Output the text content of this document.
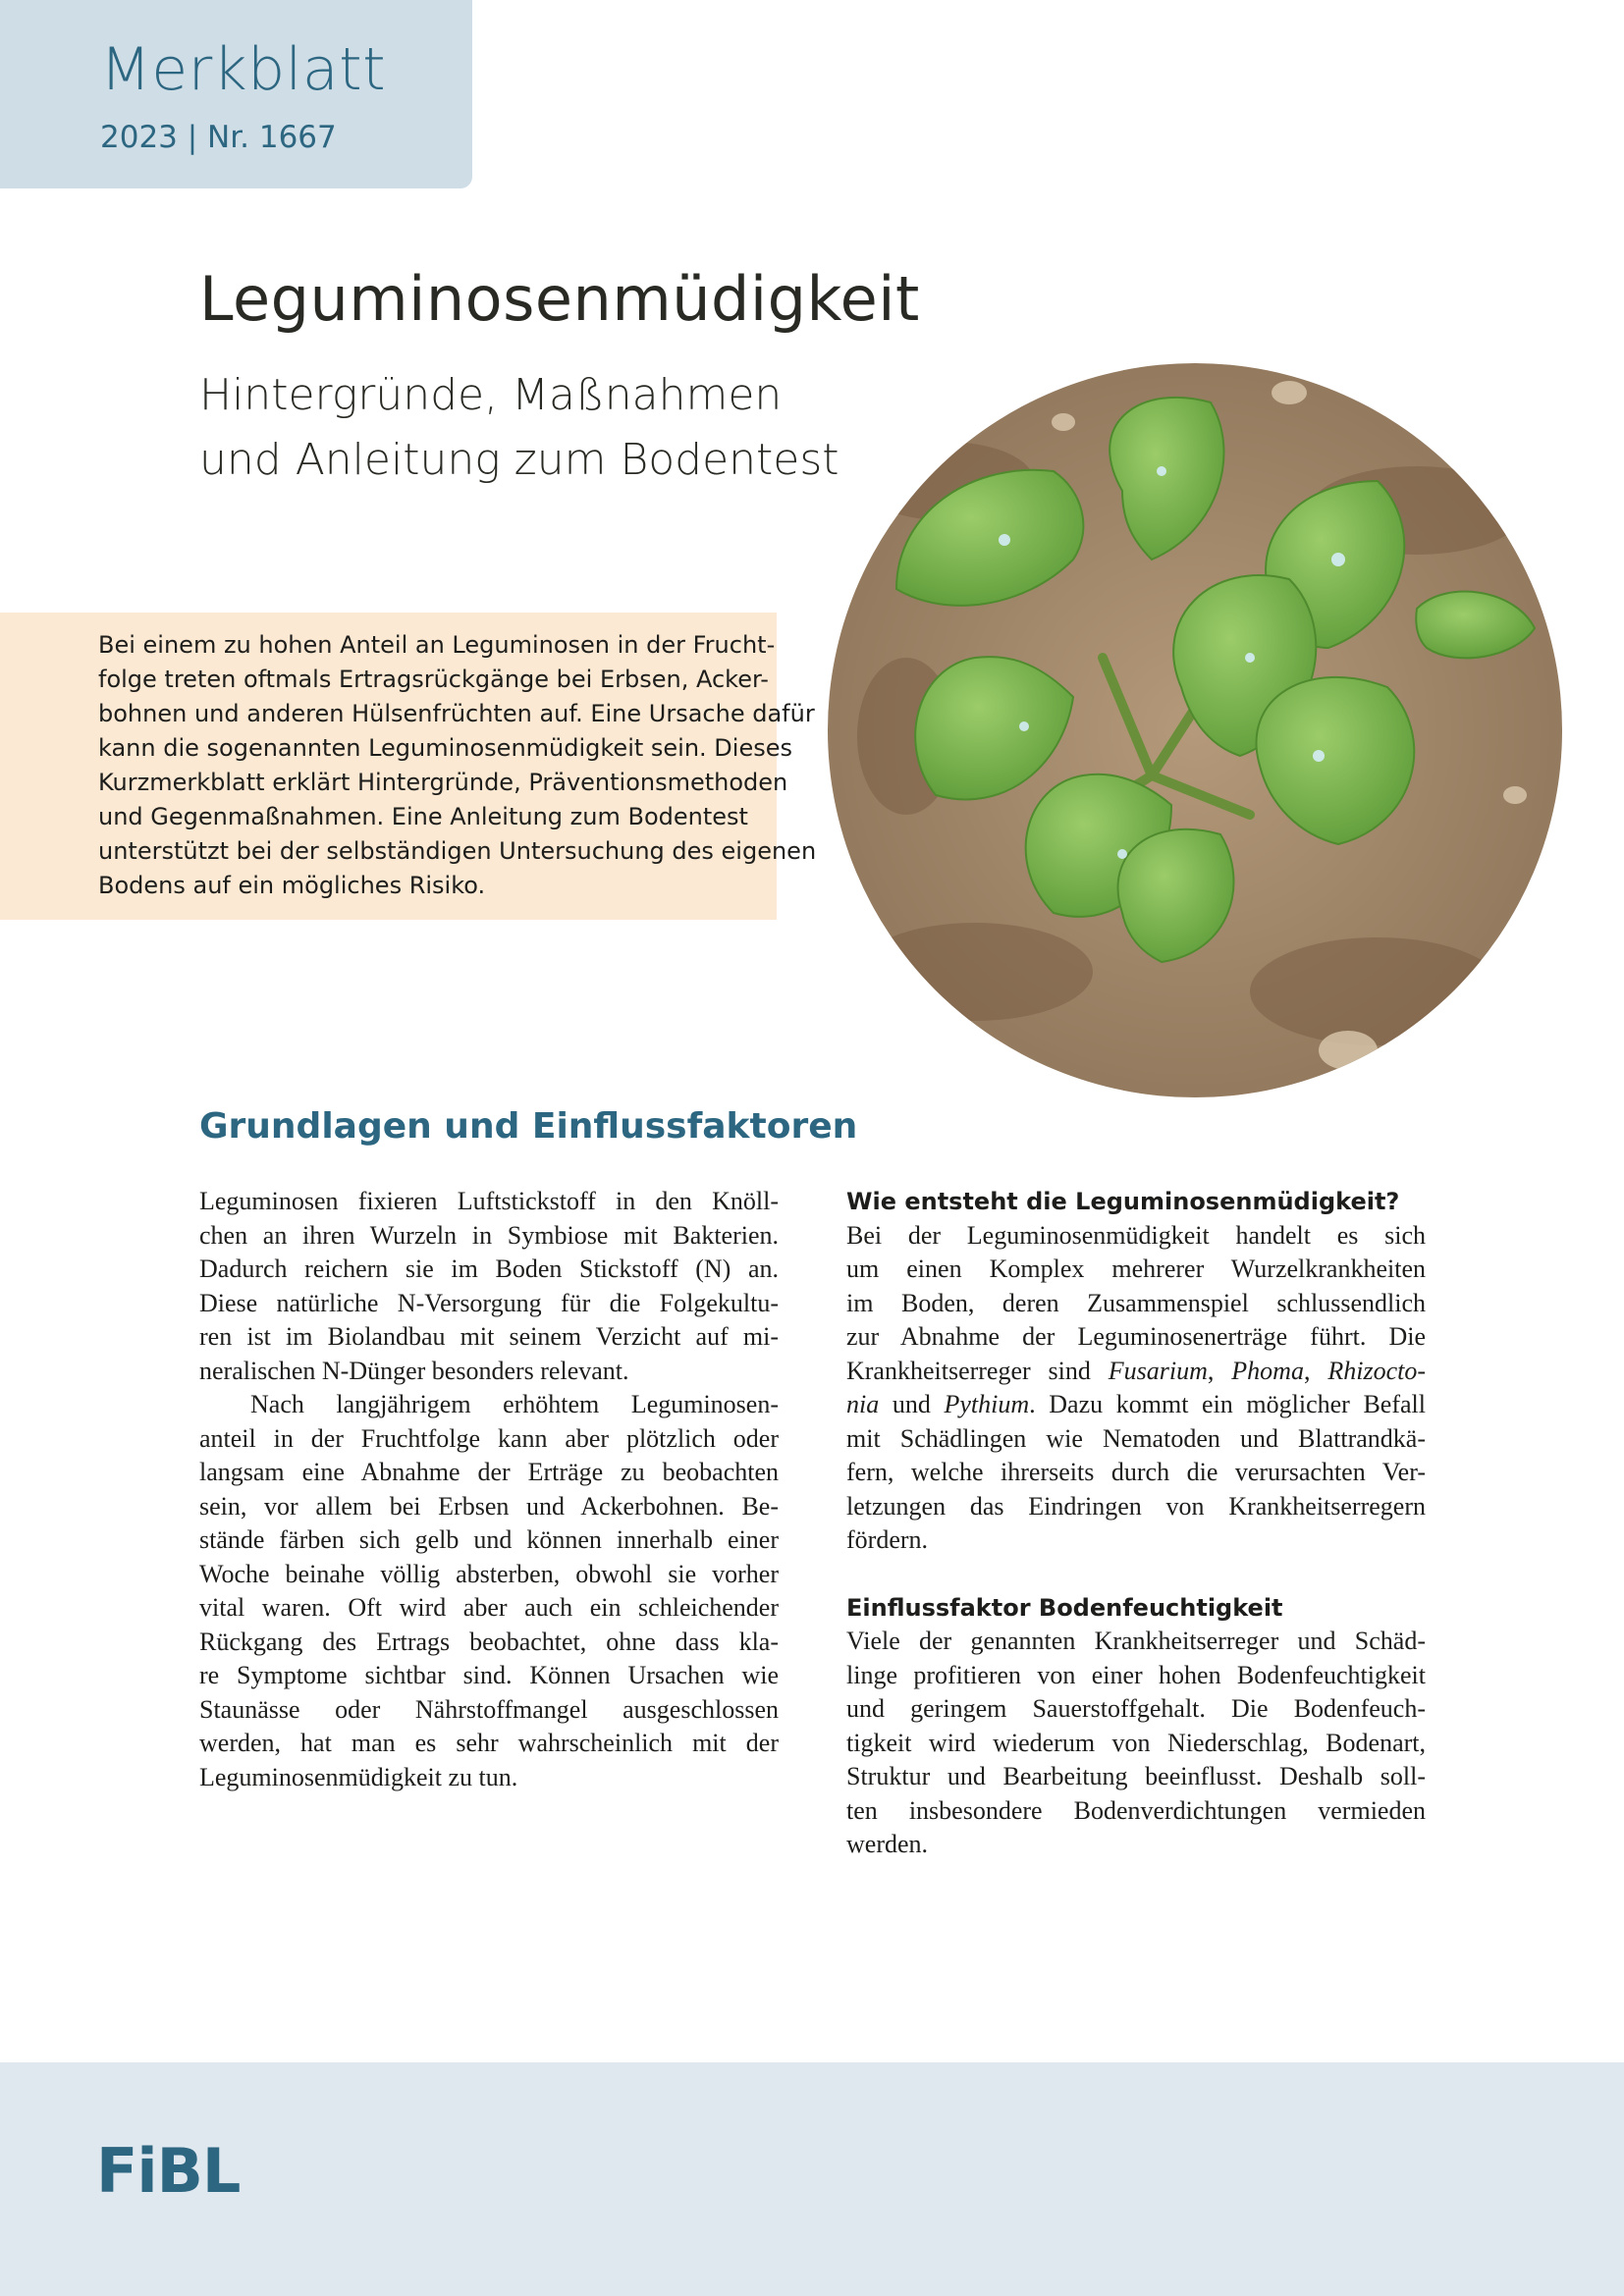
Merkblatt
2023 | Nr. 1667
Leguminosenmüdigkeit
Hintergründe, Maßnahmen
und Anleitung zum Bodentest
Bei einem zu hohen Anteil an Leguminosen in der Frucht-
folge treten oftmals Ertragsrückgänge bei Erbsen, Acker-
bohnen und anderen Hülsenfrüchten auf. Eine Ursache dafür
kann die sogenannten Leguminosenmüdigkeit sein. Dieses
Kurzmerkblatt erklärt Hintergründe, Präventionsmethoden
und Gegenmaßnahmen. Eine Anleitung zum Bodentest
unterstützt bei der selbständigen Untersuchung des eigenen
Bodens auf ein mögliches Risiko.
Grundlagen und Einflussfaktoren
Leguminosen fixieren Luftstickstoff in den Knöll-
chen an ihren Wurzeln in Symbiose mit Bakterien.
Dadurch reichern sie im Boden Stickstoff (N) an.
Diese natürliche N-Versorgung für die Folgekultu-
ren ist im Biolandbau mit seinem Verzicht auf mi-
neralischen N-Dünger besonders relevant.
Nach langjährigem erhöhtem Leguminosen-
anteil in der Fruchtfolge kann aber plötzlich oder
langsam eine Abnahme der Erträge zu beobachten
sein, vor allem bei Erbsen und Ackerbohnen. Be-
stände färben sich gelb und können innerhalb einer
Woche beinahe völlig absterben, obwohl sie vorher
vital waren. Oft wird aber auch ein schleichender
Rückgang des Ertrags beobachtet, ohne dass kla-
re Symptome sichtbar sind. Können Ursachen wie
Staunässe oder Nährstoffmangel ausgeschlossen
werden, hat man es sehr wahrscheinlich mit der
Leguminosenmüdigkeit zu tun.
Wie entsteht die Leguminosenmüdigkeit?
Bei der Leguminosenmüdigkeit handelt es sich
um einen Komplex mehrerer Wurzelkrankheiten
im Boden, deren Zusammenspiel schlussendlich
zur Abnahme der Leguminosenerträge führt. Die
Krankheitserreger sind Fusarium, Phoma, Rhizocto-
nia und Pythium. Dazu kommt ein möglicher Befall
mit Schädlingen wie Nematoden und Blattrandkä-
fern, welche ihrerseits durch die verursachten Ver-
letzungen das Eindringen von Krankheitserregern
fördern.
Einflussfaktor Bodenfeuchtigkeit
Viele der genannten Krankheitserreger und Schäd-
linge profitieren von einer hohen Bodenfeuchtigkeit
und geringem Sauerstoffgehalt. Die Bodenfeuch-
tigkeit wird wiederum von Niederschlag, Bodenart,
Struktur und Bearbeitung beeinflusst. Deshalb soll-
ten insbesondere Bodenverdichtungen vermieden
werden.
FiBL
